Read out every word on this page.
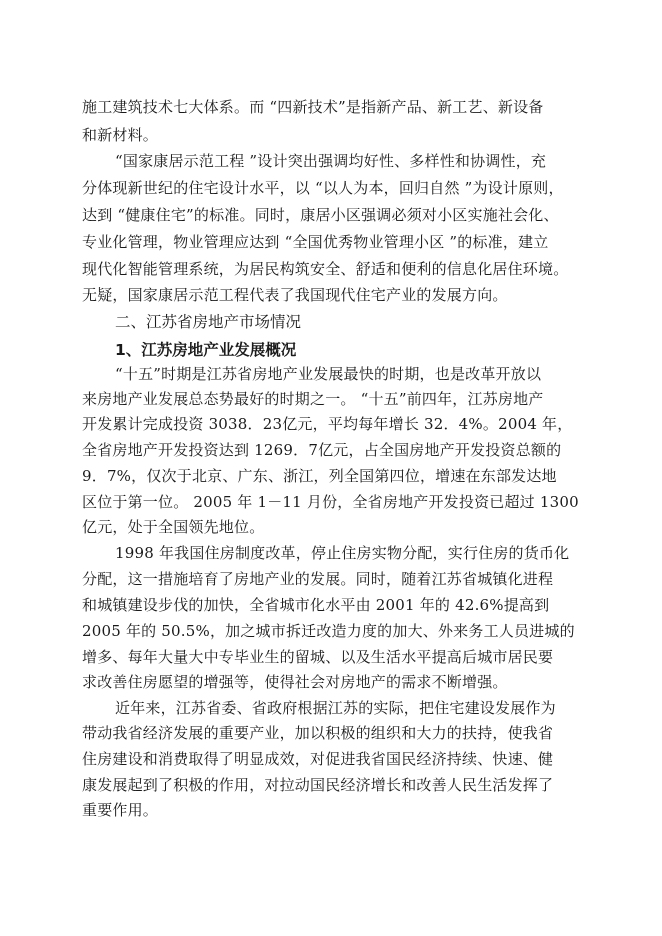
施工建筑技术七大体系。而 “四新技术”是指新产品、新工艺、新设备
和新材料。
“国家康居示范工程 ”设计突出强调均好性、多样性和协调性，充
分体现新世纪的住宅设计水平，以 “以人为本，回归自然 ”为设计原则，
达到 “健康住宅”的标准。同时，康居小区强调必须对小区实施社会化、
专业化管理，物业管理应达到 “全国优秀物业管理小区 ”的标准，建立
现代化智能管理系统，为居民构筑安全、舒适和便利的信息化居住环境。
无疑，国家康居示范工程代表了我国现代住宅产业的发展方向。
二、江苏省房地产市场情况
1、江苏房地产业发展概况
“十五”时期是江苏省房地产业发展最快的时期，也是改革开放以
来房地产业发展总态势最好的时期之一。 “十五”前四年，江苏房地产
开发累计完成投资 3038．23亿元，平均每年增长 32．4%。2004 年，
全省房地产开发投资达到 1269．7亿元，占全国房地产开发投资总额的
9．7%，仅次于北京、广东、浙江，列全国第四位，增速在东部发达地
区位于第一位。 2005 年 1－11 月份，全省房地产开发投资已超过 1300
亿元，处于全国领先地位。
1998 年我国住房制度改革，停止住房实物分配，实行住房的货币化
分配，这一措施培育了房地产业的发展。同时，随着江苏省城镇化进程
和城镇建设步伐的加快，全省城市化水平由 2001 年的 42.6%提高到
2005 年的 50.5%，加之城市拆迁改造力度的加大、外来务工人员进城的
增多、每年大量大中专毕业生的留城、以及生活水平提高后城市居民要
求改善住房愿望的增强等，使得社会对房地产的需求不断增强。
近年来，江苏省委、省政府根据江苏的实际，把住宅建设发展作为
带动我省经济发展的重要产业，加以积极的组织和大力的扶持，使我省
住房建设和消费取得了明显成效，对促进我省国民经济持续、快速、健
康发展起到了积极的作用，对拉动国民经济增长和改善人民生活发挥了
重要作用。
